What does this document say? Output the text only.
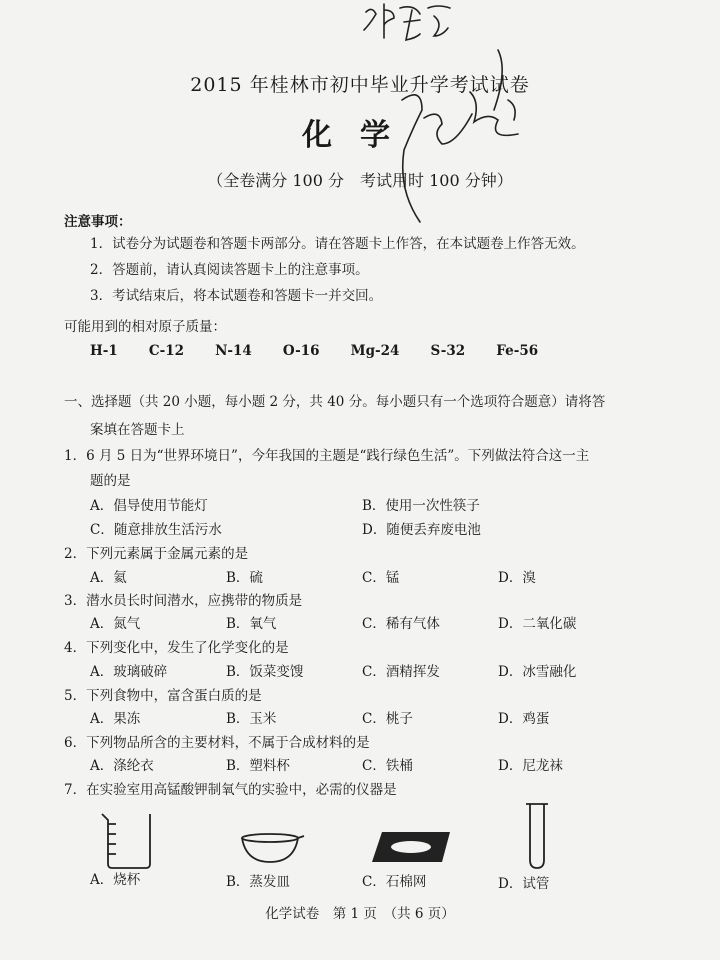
2015 年桂林市初中毕业升学考试试卷
化学
（全卷满分 100 分　考试用时 100 分钟）
注意事项：
1．试卷分为试题卷和答题卡两部分。请在答题卡上作答，在本试题卷上作答无效。
2．答题前，请认真阅读答题卡上的注意事项。
3．考试结束后，将本试题卷和答题卡一并交回。
可能用到的相对原子质量：
H-1 C-12 N-14 O-16 Mg-24 S-32 Fe-56
一、选择题（共 20 小题，每小题 2 分，共 40 分。每小题只有一个选项符合题意）请将答
案填在答题卡上
1．6 月 5 日为“世界环境日”，今年我国的主题是“践行绿色生活”。下列做法符合这一主
题的是
A．倡导使用节能灯	B．使用一次性筷子
C．随意排放生活污水	D．随便丢弃废电池
2．下列元素属于金属元素的是
A．氦	B．硫	C．锰	D．溴
3．潜水员长时间潜水，应携带的物质是
A．氮气	B．氧气	C．稀有气体	D．二氧化碳
4．下列变化中，发生了化学变化的是
A．玻璃破碎	B．饭菜变馊	C．酒精挥发	D．冰雪融化
5．下列食物中，富含蛋白质的是
A．果冻	B．玉米	C．桃子	D．鸡蛋
6．下列物品所含的主要材料，不属于合成材料的是
A．涤纶衣	B．塑料杯	C．铁桶	D．尼龙袜
7．在实验室用高锰酸钾制氧气的实验中，必需的仪器是
A．烧杯	B．蒸发皿	C．石棉网	D．试管
化学试卷　第 1 页　（共 6 页）
